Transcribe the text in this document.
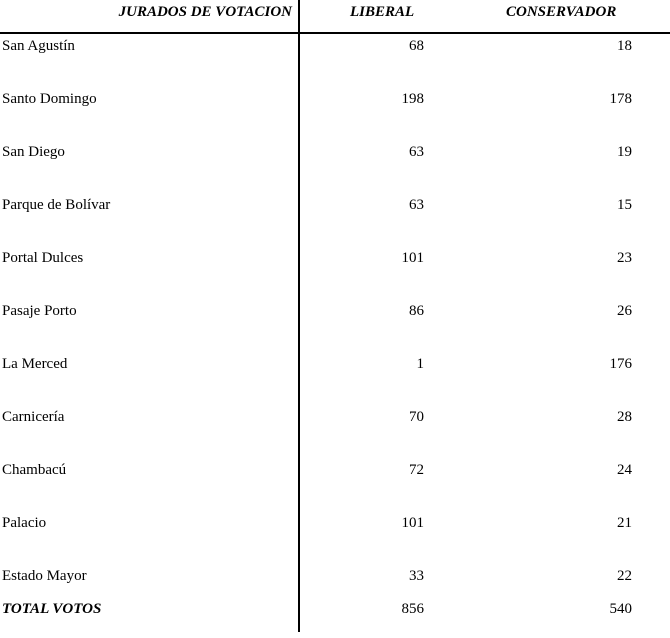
JURADOS DE VOTACION	LIBERAL	CONSERVADOR
San Agustín	68	18
Santo Domingo	198	178
San Diego	63	19
Parque de Bolívar	63	15
Portal Dulces	101	23
Pasaje Porto	86	26
La Merced	1	176
Carnicería	70	28
Chambacú	72	24
Palacio	101	21
Estado Mayor	33	22
TOTAL VOTOS	856	540
